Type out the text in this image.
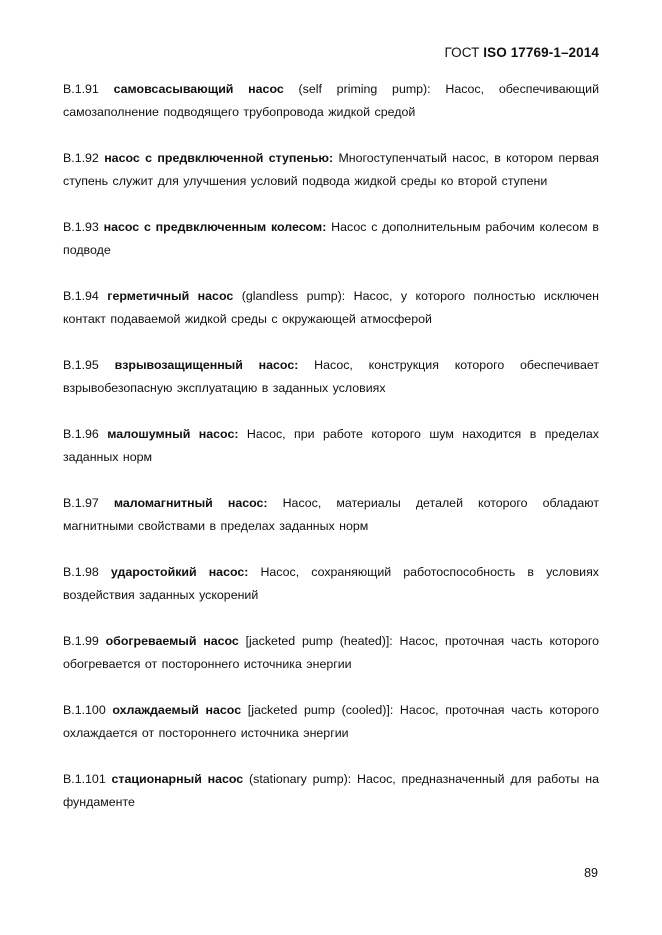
ГОСТ ISO 17769-1–2014

B.1.91 самовсасывающий насос (self priming pump): Насос, обеспечивающий самозаполнение подводящего трубопровода жидкой средой

B.1.92 насос с предвключенной ступенью: Многоступенчатый насос, в котором первая ступень служит для улучшения условий подвода жидкой среды ко второй ступени

B.1.93 насос с предвключенным колесом: Насос с дополнительным рабочим колесом в подводе

B.1.94 герметичный насос (glandless pump): Насос, у которого полностью исключен контакт подаваемой жидкой среды с окружающей атмосферой

B.1.95 взрывозащищенный насос: Насос, конструкция которого обеспечивает взрывобезопасную эксплуатацию в заданных условиях

B.1.96 малошумный насос: Насос, при работе которого шум находится в пределах заданных норм

B.1.97 маломагнитный насос: Насос, материалы деталей которого обладают магнитными свойствами в пределах заданных норм

B.1.98 ударостойкий насос: Насос, сохраняющий работоспособность в условиях воздействия заданных ускорений

B.1.99 обогреваемый насос [jacketed pump (heated)]: Насос, проточная часть которого обогревается от постороннего источника энергии

B.1.100 охлаждаемый насос [jacketed pump (cooled)]: Насос, проточная часть которого охлаждается от постороннего источника энергии

B.1.101 стационарный насос (stationary pump): Насос, предназначенный для работы на фундаменте

89
